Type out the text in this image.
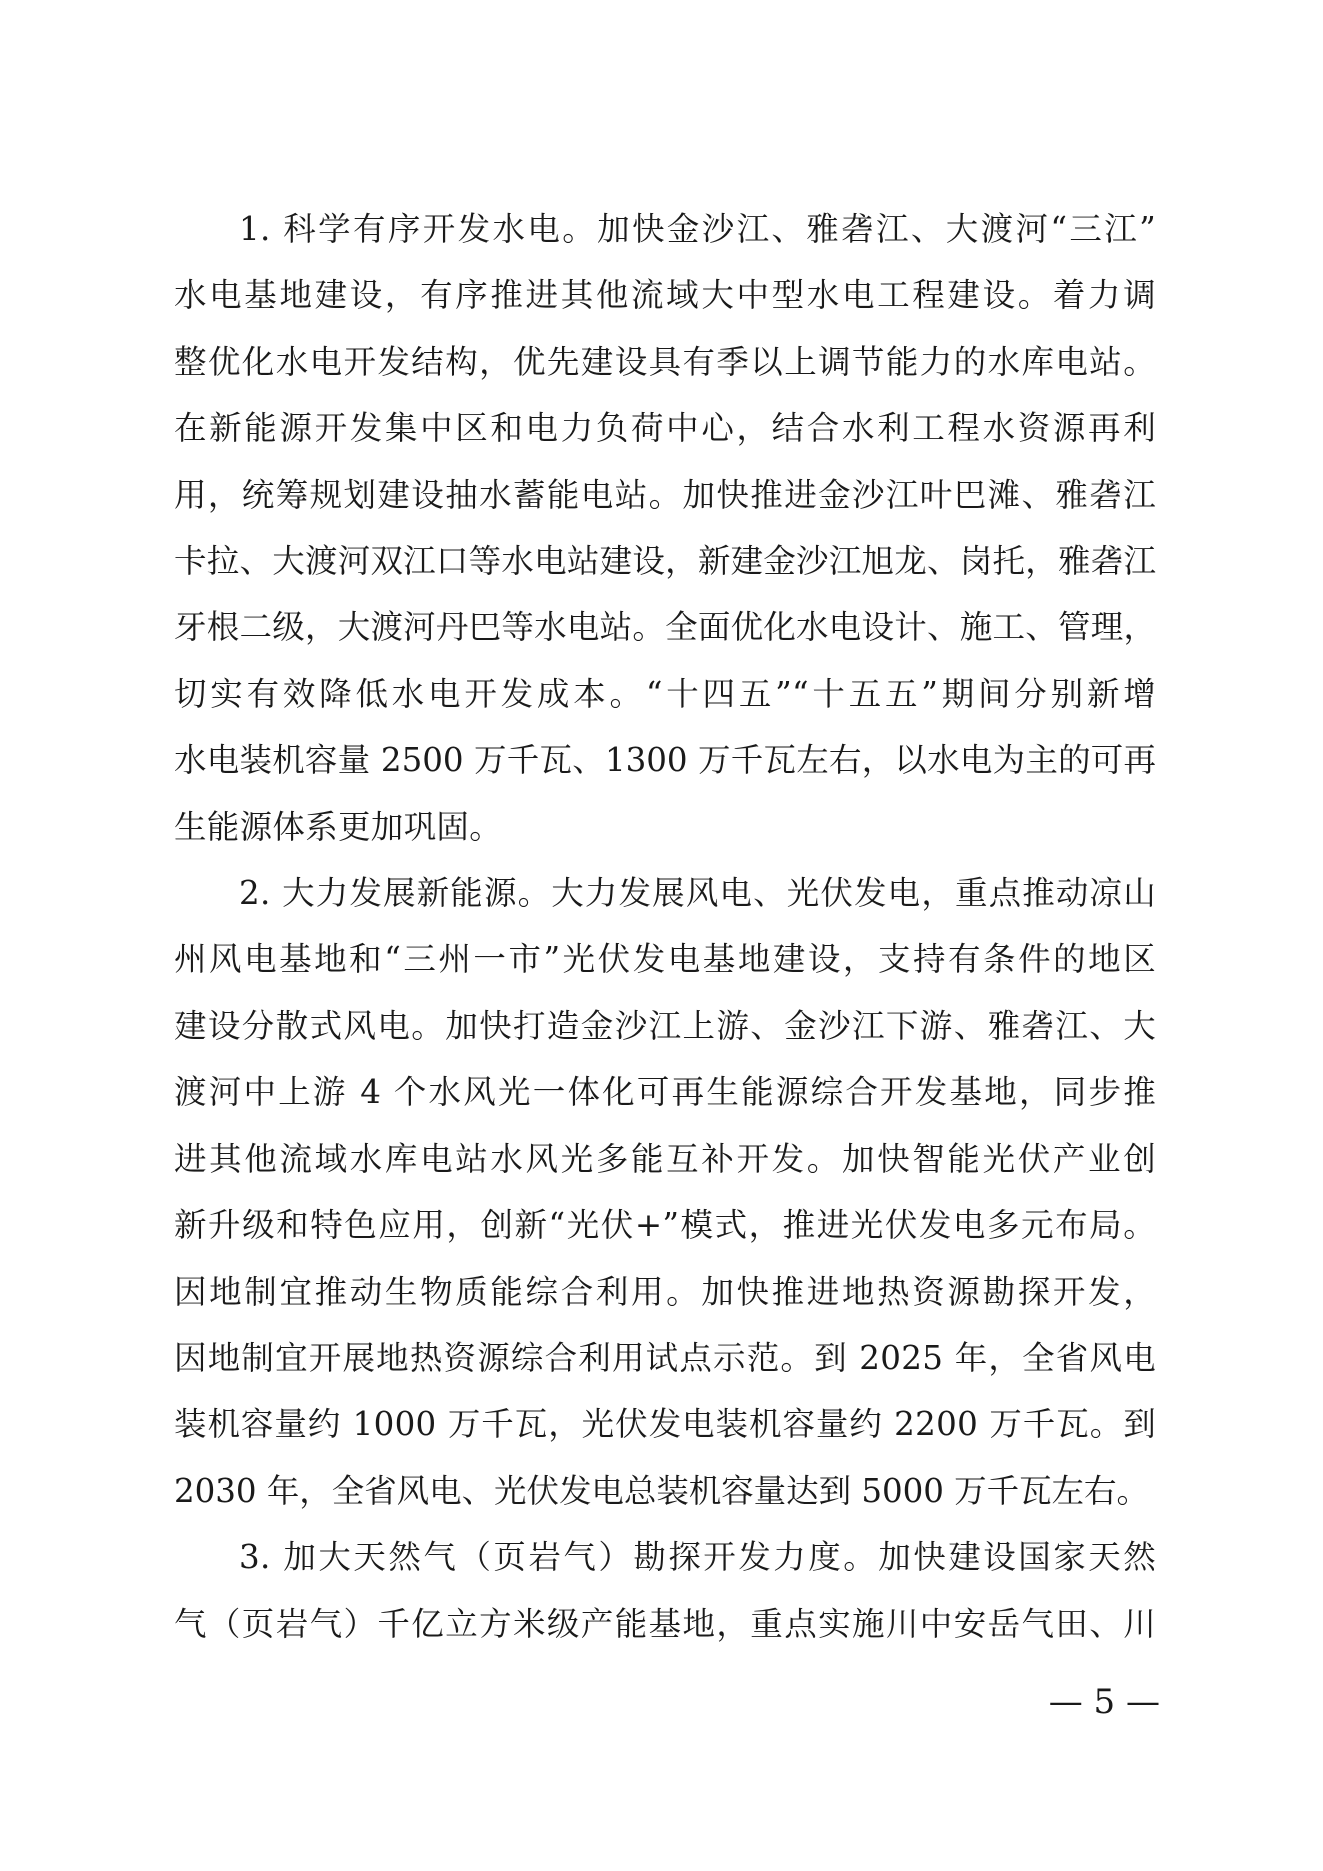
1. 科学有序开发水电。加快金沙江、雅砻江、大渡河“三江”
水电基地建设，有序推进其他流域大中型水电工程建设。着力调
整优化水电开发结构，优先建设具有季以上调节能力的水库电站。
在新能源开发集中区和电力负荷中心，结合水利工程水资源再利
用，统筹规划建设抽水蓄能电站。加快推进金沙江叶巴滩、雅砻江
卡拉、大渡河双江口等水电站建设，新建金沙江旭龙、岗托，雅砻江
牙根二级，大渡河丹巴等水电站。全面优化水电设计、施工、管理，
切实有效降低水电开发成本。“十四五”“十五五”期间分别新增
水电装机容量 2500 万千瓦、1300 万千瓦左右，以水电为主的可再
生能源体系更加巩固。

2. 大力发展新能源。大力发展风电、光伏发电，重点推动凉山
州风电基地和“三州一市”光伏发电基地建设，支持有条件的地区
建设分散式风电。加快打造金沙江上游、金沙江下游、雅砻江、大
渡河中上游 4 个水风光一体化可再生能源综合开发基地，同步推
进其他流域水库电站水风光多能互补开发。加快智能光伏产业创
新升级和特色应用，创新“光伏+”模式，推进光伏发电多元布局。
因地制宜推动生物质能综合利用。加快推进地热资源勘探开发，
因地制宜开展地热资源综合利用试点示范。到 2025 年，全省风电
装机容量约 1000 万千瓦，光伏发电装机容量约 2200 万千瓦。到
2030 年，全省风电、光伏发电总装机容量达到 5000 万千瓦左右。

3. 加大天然气（页岩气）勘探开发力度。加快建设国家天然
气（页岩气）千亿立方米级产能基地，重点实施川中安岳气田、川

— 5 —
